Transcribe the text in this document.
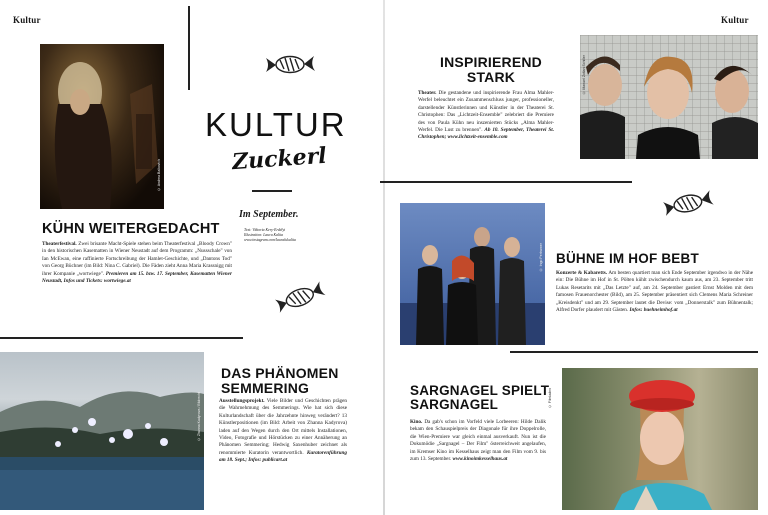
Kultur
© Andrea Balkovich
KÜHN WEITERGEDACHT
Theaterfestival. Zwei brisante Macht-Spiele stehen beim Theaterfestival „Bloody Crown" in den historischen Kasematten in Wiener Neustadt auf dem Programm: „Nussschale" von Ian McEwan, eine raffinierte Fortschreibung der Hamlet-Geschichte, und „Dantons Tod" von Georg Büchner (im Bild: Nina C. Gabriel). Die Fäden zieht Anna Maria Krassnigg mit ihrer Kompanie „wortwiege". Premieren am 15. bzw. 17. September, Kasematten Wiener Neustadt, Infos und Tickets: wortwiege.at
KULTUR
Zuckerl
Im September.
Text: Viktoria Kery-Erdélyi
Illustration: Laura Kalita
www.instagram.com/lauralukalita
© Zhanna Kadyrova / Bildrecht
DAS PHÄNOMEN SEMMERING
Ausstellungsprojekt. Viele Bilder und Geschichten prägen die Wahrnehmung des Semmerings. Wie hat sich diese Kulturlandschaft über die Jahrzehnte hinweg verändert? 13 Künstlerpositionen (im Bild: Arbeit von Zhanna Kadyrova) laden auf den Wegen durch den Ort mittels Installationen, Video, Fotografie und Hörstücken zu einer Annäherung an Phänomen Semmering; Hedwig Saxenhuber zeichnet als renommierte Kuratorin verantwortlich. Kuratorenführung am 18. Sept.; Infos: publicart.at
Kultur
INSPIRIEREND STARK
Theater. Die gestandene und inspirierende Frau Alma Mahler-Werfel beleuchtet ein Zusammenschluss junger, professioneller, darstellender Künstlerinnen und Künstler in der Theaterei St. Christophen: Das „Lichtzeit-Ensemble" zelebriert die Premiere des von Paula Kühn neu inszenierten Stücks „Alma Mahler-Werfel. Die Lust zu brennen". Ab 10. September, Theaterei St. Christophen; www.lichtzeit-ensemble.com
© Manuel Zoltan Schiller
© Ingo Pertramer BÜHNE IM HOF BEBT
Konzerte & Kabaretts. Am besten quartiert man sich Ende September irgendwo in der Nähe ein: Die Bühne im Hof in St. Pölten kühlt zwischendurch kaum aus, am 23. September tritt Lukas Resetarits mit „Das Letzte" auf, am 24. September gastiert Ernst Molden mit dem famosen Frauenorchester (Bild), am 25. September präsentiert sich Clemens Maria Schreiner „Kreisdenkt" und am 29. September lautet die Devise: vom „Donnerstalk" zum Bühnentalk; Alfred Dorfer plaudert mit Gästen. Infos: buehneimhof.at
SARGNAGEL SPIELT SARGNAGEL
Kino. Da gab's schon im Vorfeld viele Lorbeeren: Hilde Dalik bekam den Schauspielpreis der Diagonale für ihre Doppelrolle, die Wien-Premiere war gleich einmal ausverkauft. Nun ist die Dokumödie „Sargnagel – Der Film" österreichweit angelaufen, im Kremser Kino im Kesselhaus zeigt man den Film vom 9. bis zum 13. September. www.kinoimkesselhaus.at
© Filmladen
